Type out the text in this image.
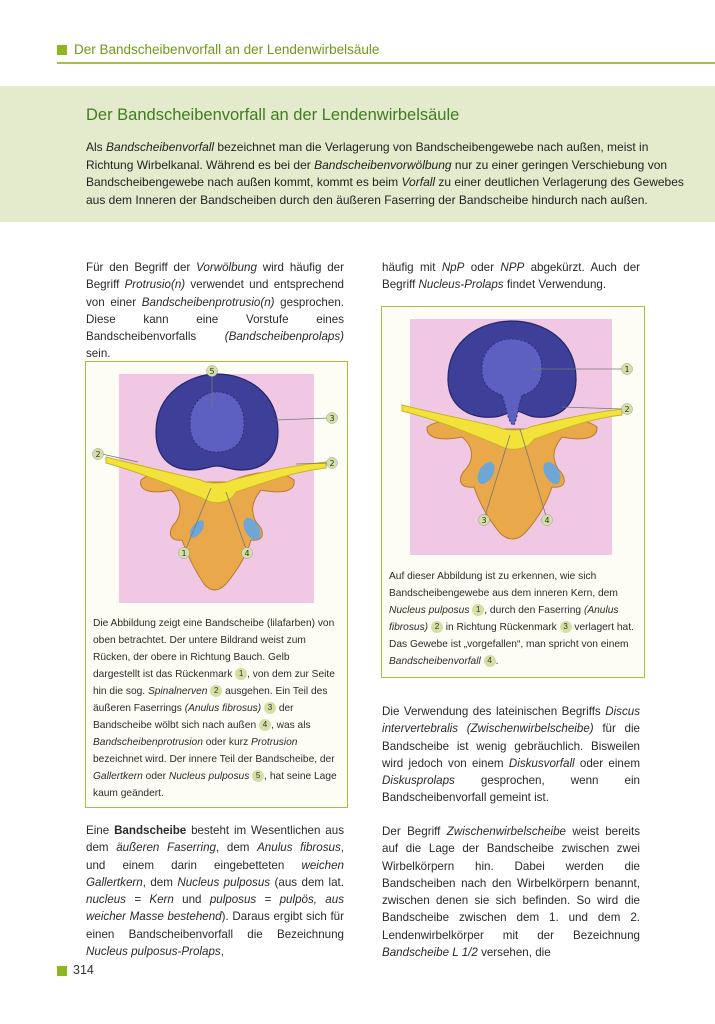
Der Bandscheibenvorfall an der Lendenwirbelsäule
Der Bandscheibenvorfall an der Lendenwirbelsäule
Als Bandscheibenvorfall bezeichnet man die Verlagerung von Bandscheibengewebe nach außen, meist in Richtung Wirbelkanal. Während es bei der Bandscheibenvorwölbung nur zu einer geringen Verschiebung von Bandscheibengewebe nach außen kommt, kommt es beim Vorfall zu einer deutlichen Verlagerung des Gewebes aus dem Inneren der Bandscheiben durch den äußeren Faserring der Bandscheibe hindurch nach außen.
Für den Begriff der Vorwölbung wird häufig der Begriff Protrusio(n) verwendet und entsprechend von einer Bandscheibenprotrusio(n) gesprochen. Diese kann eine Vorstufe eines Bandscheibenvorfalls (Bandscheibenprolaps) sein.
häufig mit NpP oder NPP abgekürzt. Auch der Begriff Nucleus-Prolaps findet Verwendung.
5
3
2
2
1	4
Die Abbildung zeigt eine Bandscheibe (lilafarben) von oben betrachtet. Der untere Bildrand weist zum Rücken, der obere in Richtung Bauch. Gelb dargestellt ist das Rückenmark 1 , von dem zur Seite hin die sog. Spinalnerven 2 ausgehen. Ein Teil des äußeren Faserrings (Anulus fibrosus) 3 der Bandscheibe wölbt sich nach außen 4 , was als Bandscheibenprotrusion oder kurz Protrusion bezeichnet wird. Der innere Teil der Bandscheibe, der Gallertkern oder Nucleus pulposus 5 , hat seine Lage kaum geändert.
1
2
3	4
Auf dieser Abbildung ist zu erkennen, wie sich Bandscheibengewebe aus dem inneren Kern, dem Nucleus pulposus 1 , durch den Faserring (Anulus fibrosus) 2 in Richtung Rückenmark 3 verlagert hat. Das Gewebe ist „vorgefallen“, man spricht von einem Bandscheibenvorfall 4 .
Die Verwendung des lateinischen Begriffs Discus intervertebralis (Zwischenwirbelscheibe) für die Bandscheibe ist wenig gebräuchlich. Bisweilen wird jedoch von einem Diskusvorfall oder einem Diskusprolaps gesprochen, wenn ein Bandscheibenvorfall gemeint ist.
Eine Bandscheibe besteht im Wesentlichen aus dem äußeren Faserring, dem Anulus fibrosus, und einem darin eingebetteten weichen Gallertkern, dem Nucleus pulposus (aus dem lat. nucleus = Kern und pulposus = pulpös, aus weicher Masse bestehend). Daraus ergibt sich für einen Bandscheibenvorfall die Bezeichnung Nucleus pulposus-Prolaps,
Der Begriff Zwischenwirbelscheibe weist bereits auf die Lage der Bandscheibe zwischen zwei Wirbelkörpern hin. Dabei werden die Bandscheiben nach den Wirbelkörpern benannt, zwischen denen sie sich befinden. So wird die Bandscheibe zwischen dem 1. und dem 2. Lendenwirbelkörper mit der Bezeichnung Bandscheibe L 1/2 versehen, die
314
